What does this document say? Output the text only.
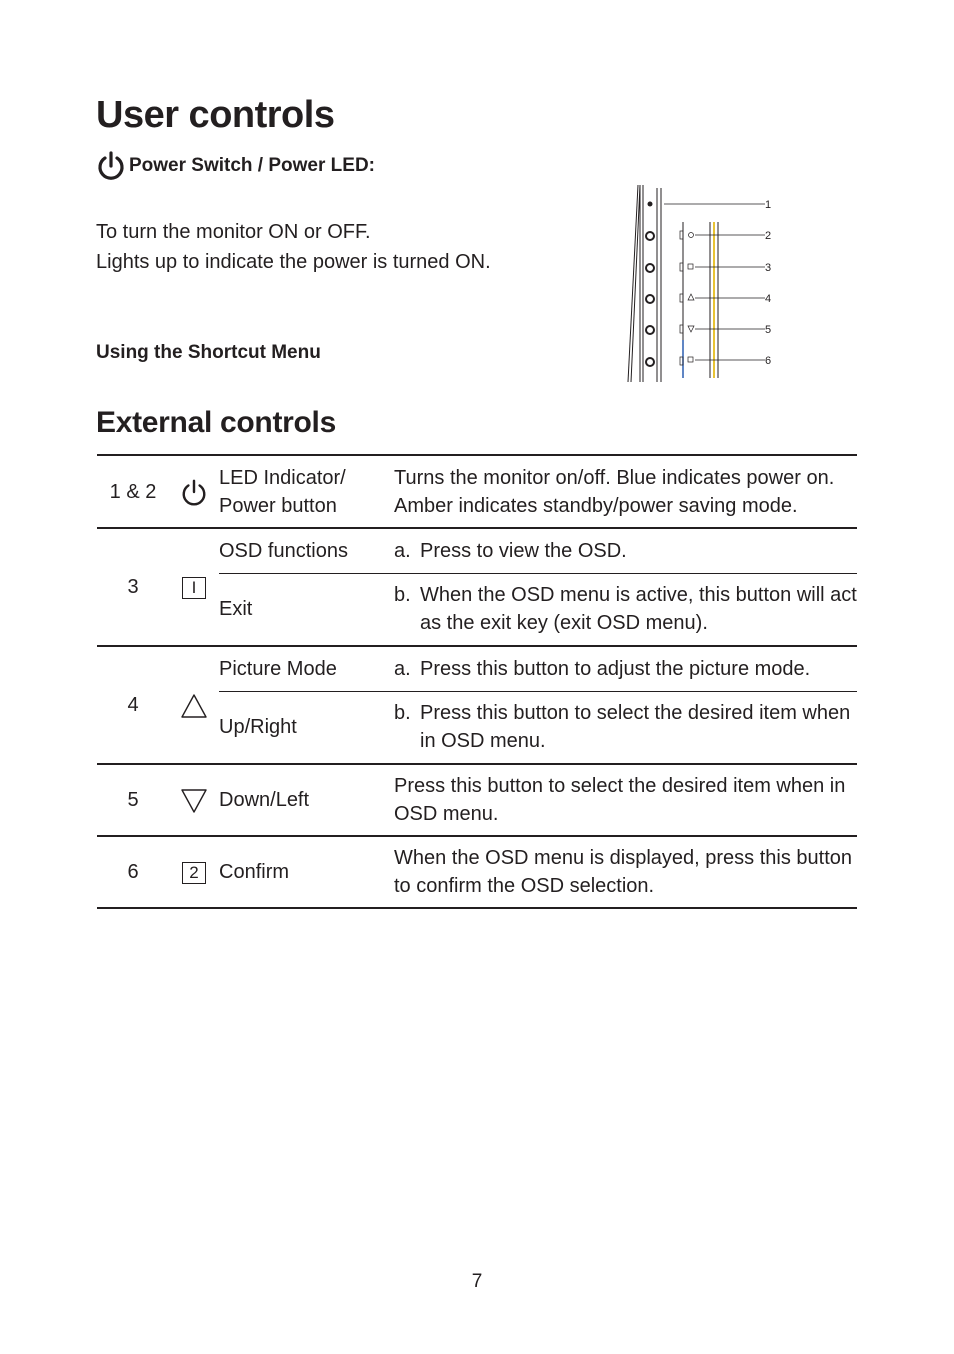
User controls
Power Switch / Power LED:
To turn the monitor ON or OFF.
Lights up to indicate the power is turned ON.
Using the Shortcut Menu
1
2
3
4
5
6
External controls
1 & 2		LED Indicator/ Power button	Turns the monitor on/off. Blue indicates power on. Amber indicates standby/power saving mode.
3	I	OSD functions	a. Press to view the OSD.

		Exit	b. When the OSD menu is active, this button will act as the exit key (exit OSD menu).

4		Picture Mode	a. Press this button to adjust the picture mode.

		Up/Right	b. Press this button to select the desired item when in OSD menu.

5		Down/Left	Press this button to select the desired item when in OSD menu.
6	2	Confirm	When the OSD menu is displayed, press this button to confirm the OSD selection.
7
